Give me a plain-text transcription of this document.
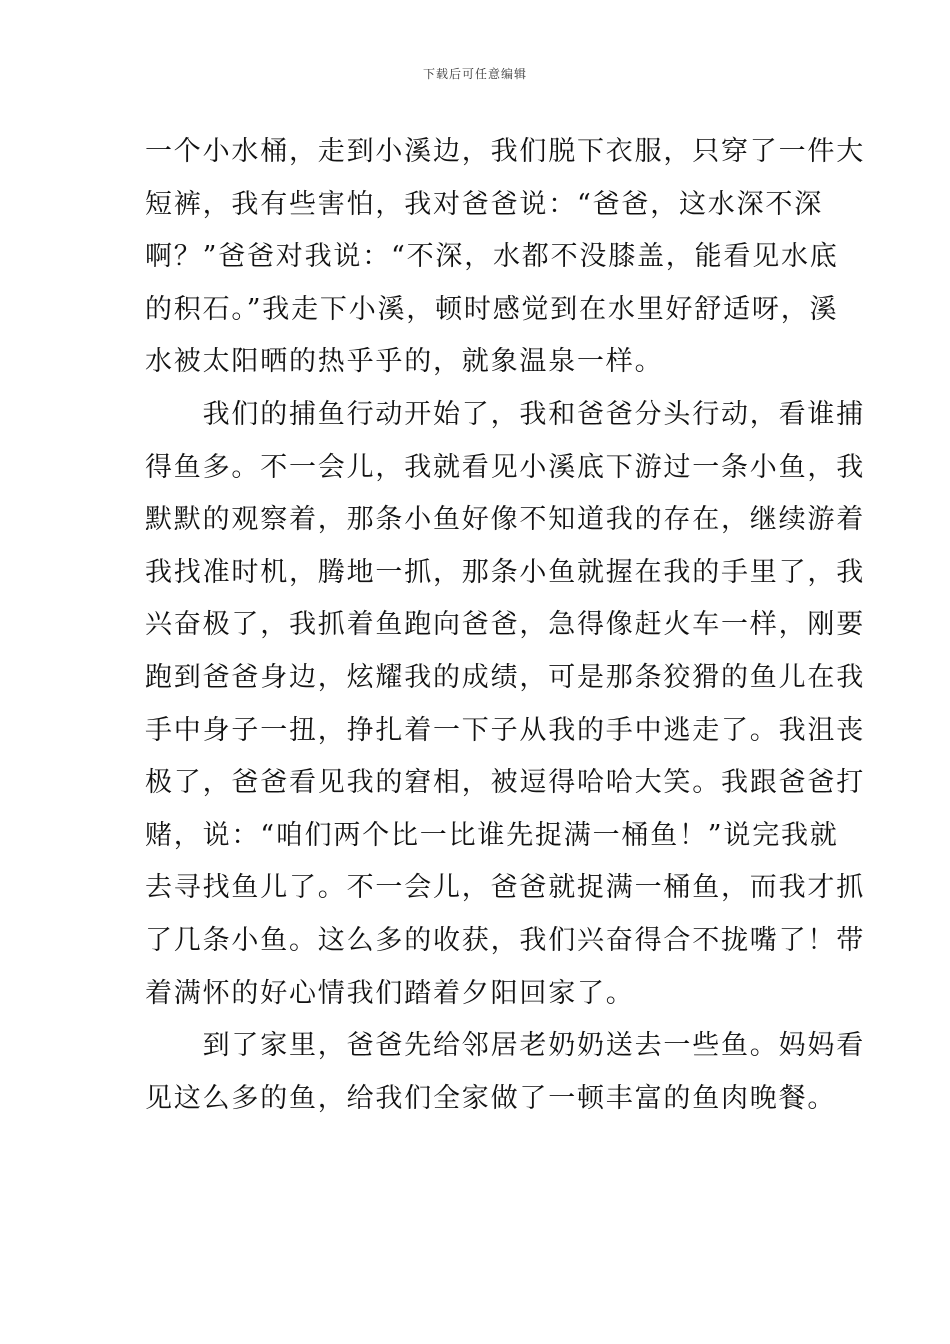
下载后可任意编辑
一个小水桶，走到小溪边，我们脱下衣服，只穿了一件大
短裤，我有些害怕，我对爸爸说：“爸爸，这水深不深
啊？”爸爸对我说：“不深，水都不没膝盖，能看见水底
的积石。”我走下小溪，顿时感觉到在水里好舒适呀，溪
水被太阳晒的热乎乎的，就象温泉一样。
　　我们的捕鱼行动开始了，我和爸爸分头行动，看谁捕
得鱼多。不一会儿，我就看见小溪底下游过一条小鱼，我
默默的观察着，那条小鱼好像不知道我的存在，继续游着
我找准时机，腾地一抓，那条小鱼就握在我的手里了，我
兴奋极了，我抓着鱼跑向爸爸，急得像赶火车一样，刚要
跑到爸爸身边，炫耀我的成绩，可是那条狡猾的鱼儿在我
手中身子一扭，挣扎着一下子从我的手中逃走了。我沮丧
极了，爸爸看见我的窘相，被逗得哈哈大笑。我跟爸爸打
赌，说：“咱们两个比一比谁先捉满一桶鱼！”说完我就
去寻找鱼儿了。不一会儿，爸爸就捉满一桶鱼，而我才抓
了几条小鱼。这么多的收获，我们兴奋得合不拢嘴了！带
着满怀的好心情我们踏着夕阳回家了。
　　到了家里，爸爸先给邻居老奶奶送去一些鱼。妈妈看
见这么多的鱼，给我们全家做了一顿丰富的鱼肉晚餐。
